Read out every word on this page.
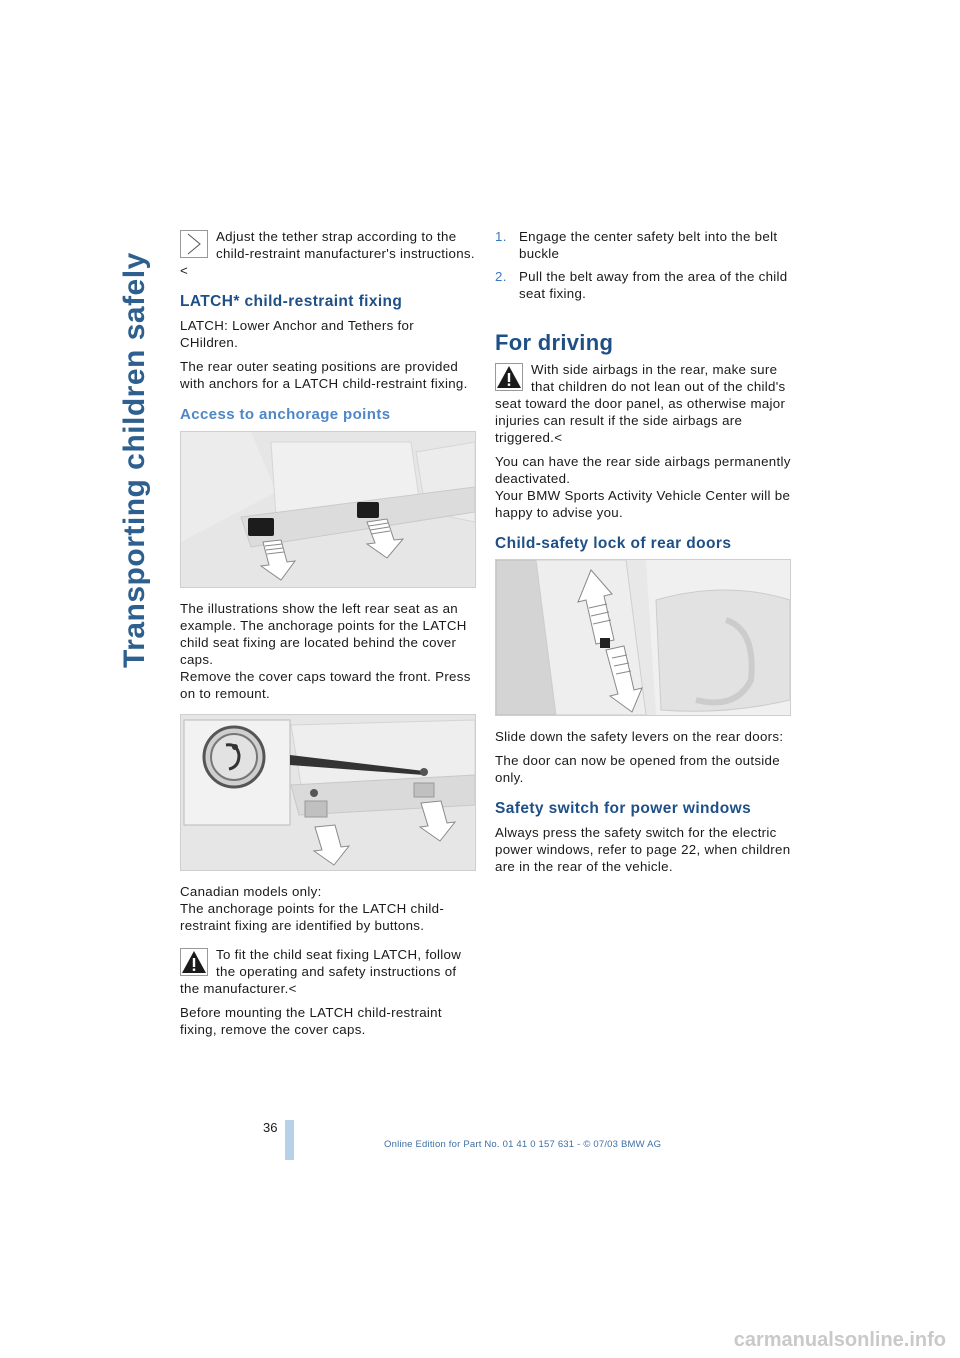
Transporting children safely

Adjust the tether strap according to the child-restraint manufacturer's instructions.<

LATCH* child-restraint fixing

LATCH: Lower Anchor and Tethers for CHildren.

The rear outer seating positions are provided with anchors for a LATCH child-restraint fixing.

Access to anchorage points

The illustrations show the left rear seat as an example. The anchorage points for the LATCH child seat fixing are located behind the cover caps.

Remove the cover caps toward the front. Press on to remount.

Canadian models only:

The anchorage points for the LATCH child-restraint fixing are identified by buttons.

To fit the child seat fixing LATCH, follow the operating and safety instructions of the manufacturer.<

Before mounting the LATCH child-restraint fixing, remove the cover caps.

1. Engage the center safety belt into the belt buckle
2. Pull the belt away from the area of the child seat fixing.
For driving

With side airbags in the rear, make sure that children do not lean out of the child's seat toward the door panel, as otherwise major injuries can result if the side airbags are triggered.<

You can have the rear side airbags permanently deactivated.

Your BMW Sports Activity Vehicle Center will be happy to advise you.

Child-safety lock of rear doors

Slide down the safety levers on the rear doors:

The door can now be opened from the outside only.

Safety switch for power windows

Always press the safety switch for the electric power windows, refer to page 22, when children are in the rear of the vehicle.

36
Online Edition for Part No. 01 41 0 157 631 - © 07/03 BMW AG
carmanualsonline.info
